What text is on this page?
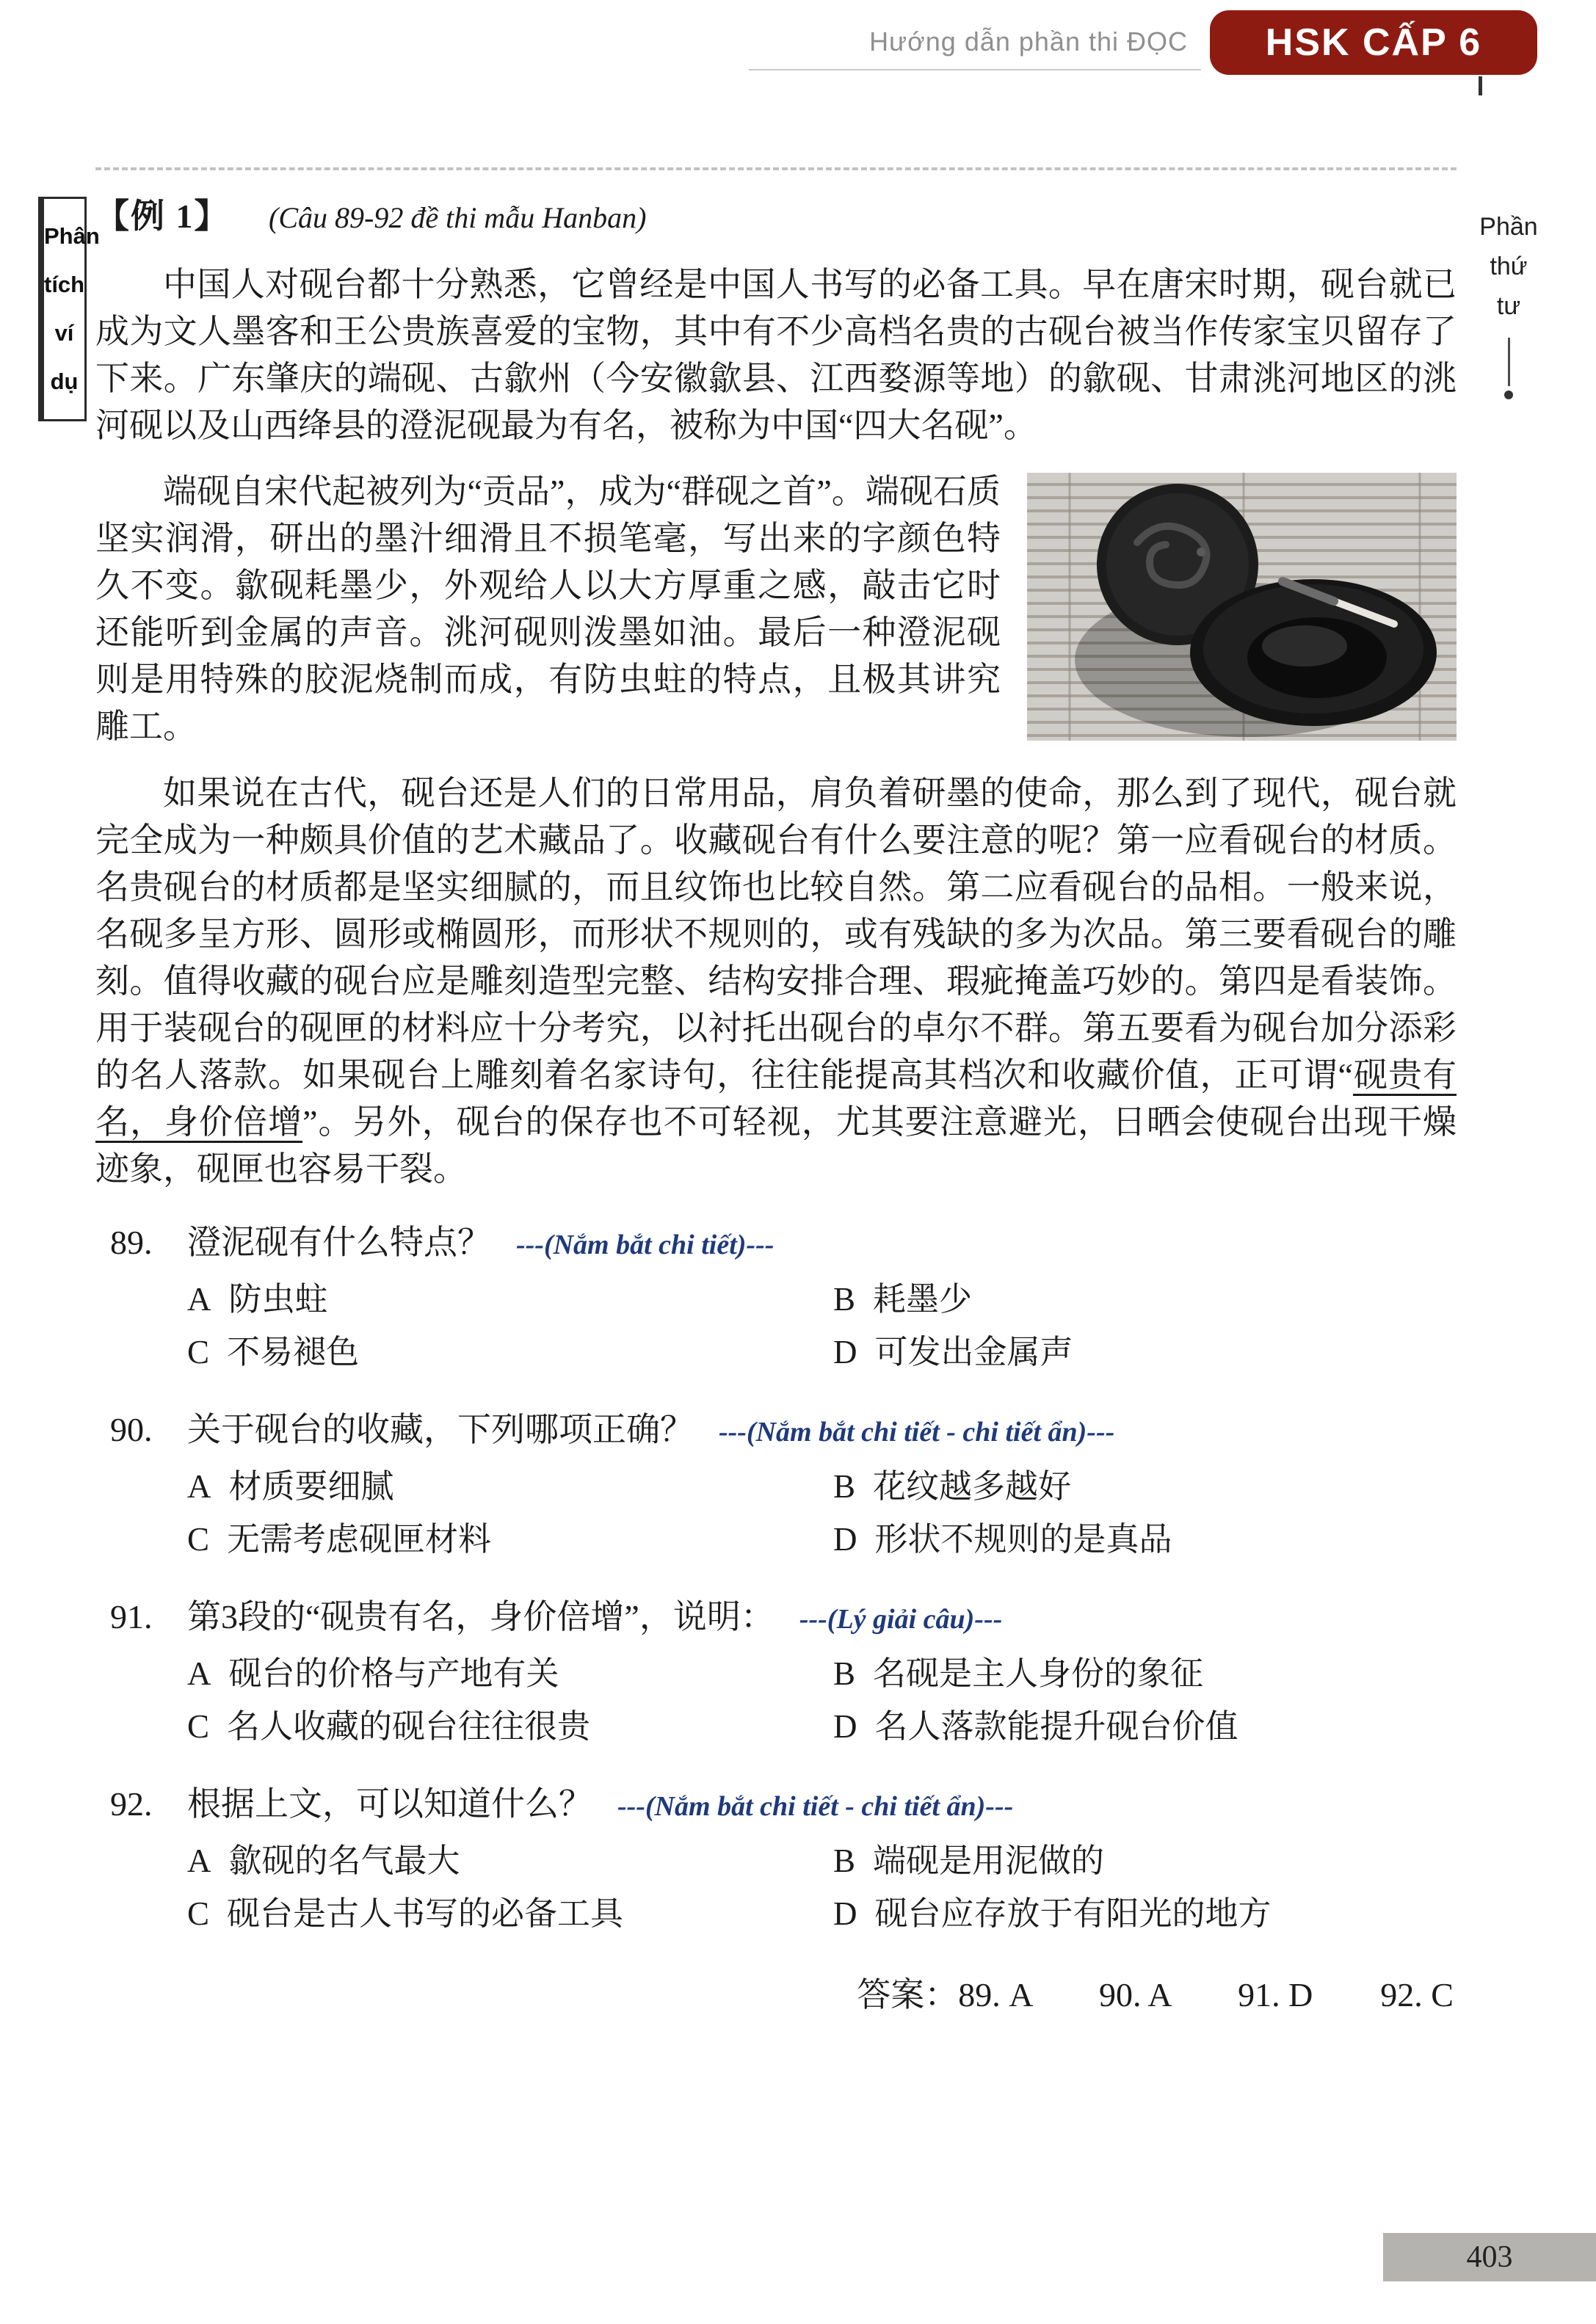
Hướng dẫn phần thi ĐỌC	HSK CẤP 6
Phần
thứ
tư
Phân
tích
ví
dụ
【例 1】 (Câu 89-92 đề thi mẫu Hanban)

中国人对砚台都十分熟悉，它曾经是中国人书写的必备工具。早在唐宋时期，砚台就已成为文人墨客和王公贵族喜爱的宝物，其中有不少高档名贵的古砚台被当作传家宝贝留存了下来。广东肇庆的端砚、古歙州（今安徽歙县、江西婺源等地）的歙砚、甘肃洮河地区的洮河砚以及山西绛县的澄泥砚最为有名，被称为中国“四大名砚”。

端砚自宋代起被列为“贡品”，成为“群砚之首”。端砚石质坚实润滑，研出的墨汁细滑且不损笔毫，写出来的字颜色特久不变。歙砚耗墨少，外观给人以大方厚重之感，敲击它时还能听到金属的声音。洮河砚则泼墨如油。最后一种澄泥砚则是用特殊的胶泥烧制而成，有防虫蛀的特点，且极其讲究雕工。

如果说在古代，砚台还是人们的日常用品，肩负着研墨的使命，那么到了现代，砚台就完全成为一种颇具价值的艺术藏品了。收藏砚台有什么要注意的呢？第一应看砚台的材质。名贵砚台的材质都是坚实细腻的，而且纹饰也比较自然。第二应看砚台的品相。一般来说，名砚多呈方形、圆形或椭圆形，而形状不规则的，或有残缺的多为次品。第三要看砚台的雕刻。值得收藏的砚台应是雕刻造型完整、结构安排合理、瑕疵掩盖巧妙的。第四是看装饰。用于装砚台的砚匣的材料应十分考究，以衬托出砚台的卓尔不群。第五要看为砚台加分添彩的名人落款。如果砚台上雕刻着名家诗句，往往能提高其档次和收藏价值，正可谓“砚贵有名，身价倍增”。另外，砚台的保存也不可轻视，尤其要注意避光，日晒会使砚台出现干燥迹象，砚匣也容易干裂。

89. 澄泥砚有什么特点？ ---(Nắm bắt chi tiết)---
A 防虫蛀	B 耗墨少
C 不易褪色	D 可发出金属声
90. 关于砚台的收藏，下列哪项正确？ ---(Nắm bắt chi tiết - chi tiết ẩn)---
A 材质要细腻	B 花纹越多越好
C 无需考虑砚匣材料	D 形状不规则的是真品
91. 第3段的“砚贵有名，身价倍增”，说明： ---(Lý giải câu)---
A 砚台的价格与产地有关	B 名砚是主人身份的象征
C 名人收藏的砚台往往很贵	D 名人落款能提升砚台价值
92. 根据上文，可以知道什么？ ---(Nắm bắt chi tiết - chi tiết ẩn)---
A 歙砚的名气最大	B 端砚是用泥做的
C 砚台是古人书写的必备工具	D 砚台应存放于有阳光的地方
答案：89. A　　90. A　　91. D　　92. C
403
